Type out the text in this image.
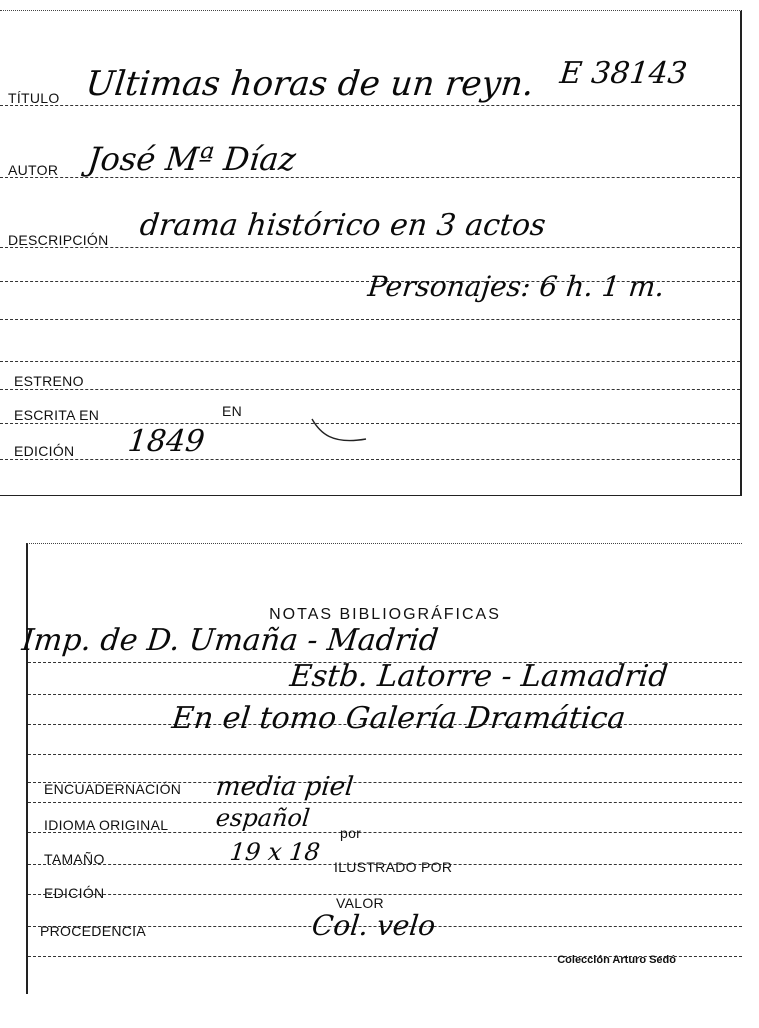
TÍTULO Ultimas horas de un reyn. E 38143
AUTOR José Mª Díaz
DESCRIPCIÓN drama histórico en 3 actos
Personajes: 6 h. 1 m.
ESTRENO
ESCRITA EN	EN
EDICIÓN 1849
NOTAS BIBLIOGRÁFICAS
Imp. de D. Umaña - Madrid
Estb. Latorre - Lamadrid
En el tomo Galería Dramática
ENCUADERNACIÓN media piel
IDIOMA ORIGINAL español
por
TAMAÑO	19 x 18
ILUSTRADO POR
EDICIÓN
VALOR
PROCEDENCIA	Col. velo
Colección Arturo Sedó
